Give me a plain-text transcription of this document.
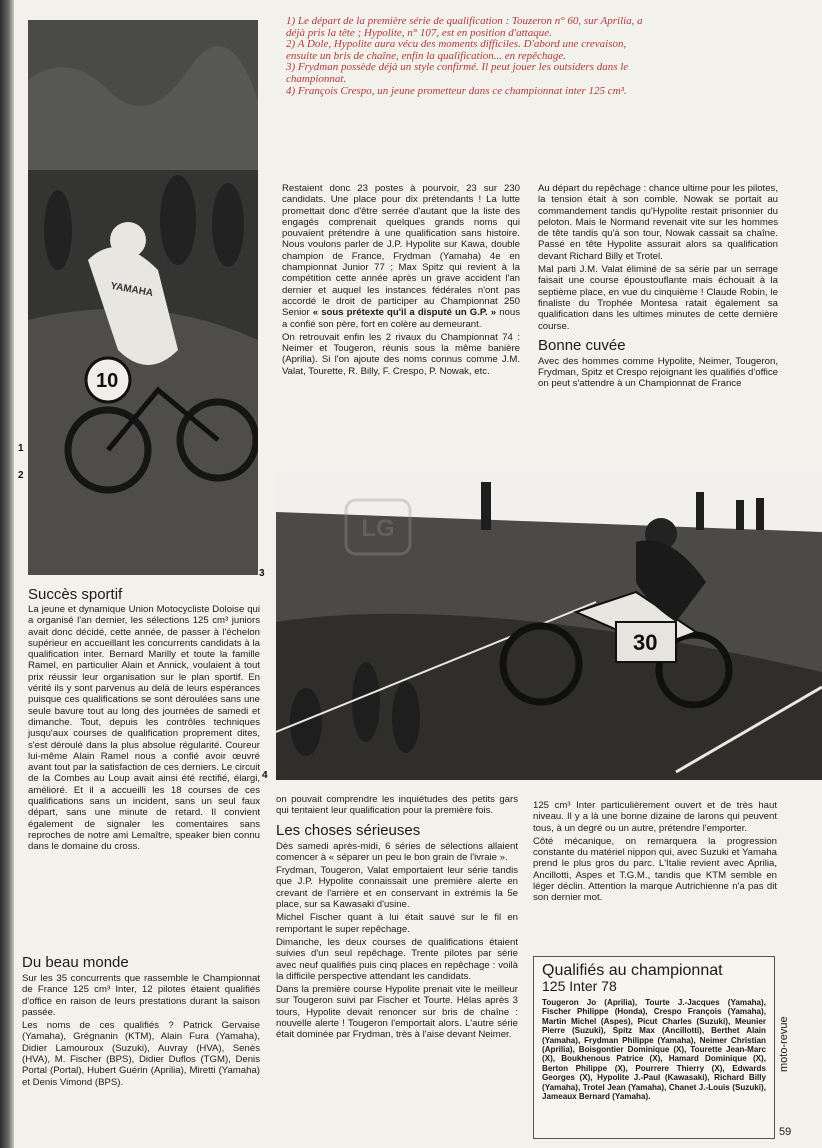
10
YAMAHA
1
2
3
30
4
LG

1) Le départ de la première série de qualification : Touzeron n° 60, sur Aprilia, a déjà pris la tête ; Hypolite, n° 107, est en position d'attaque.

2) A Dole, Hypolite aura vécu des moments difficiles. D'abord une crevaison, ensuite un bris de chaîne, enfin la qualification... en repêchage.

3) Frydman possède déjà un style confirmé. Il peut jouer les outsiders dans le championnat.

4) François Crespo, un jeune prometteur dans ce championnat inter 125 cm³.

Restaient donc 23 postes à pourvoir, 23 sur 230 candidats. Une place pour dix prétendants ! La lutte promettait donc d'être serrée d'autant que la liste des engagés comprenait quelques grands noms qui pouvaient prétendre à une qualification sans histoire. Nous voulons parler de J.P. Hypolite sur Kawa, double champion de France, Frydman (Yamaha) 4e en championnat Junior 77 ; Max Spitz qui revient à la compétition cette année après un grave accident l'an dernier et auquel les instances fédérales n'ont pas accordé le droit de participer au Championnat 250 Senior « sous prétexte qu'il a disputé un G.P. » nous a confié son père, fort en colère au demeurant.

On retrouvait enfin les 2 rivaux du Championnat 74 : Neimer et Tougeron, réunis sous la même banière (Aprilia). Si l'on ajoute des noms connus comme J.M. Valat, Tourette, R. Billy, F. Crespo, P. Nowak, etc.

Au départ du repêchage : chance ultime pour les pilotes, la tension était à son comble. Nowak se portait au commandement tandis qu'Hypolite restait prisonnier du peloton. Mais le Normand revenait vite sur les hommes de tête tandis qu'à son tour, Nowak cassait sa chaîne. Passé en tête Hypolite assurait alors sa qualification devant Richard Billy et Trotel.

Mal parti J.M. Valat éliminé de sa série par un serrage faisait une course époustouflante mais échouait à la septième place, en vue du cinquième ! Claude Robin, le finaliste du Trophée Montesa ratait également sa qualification dans les ultimes minutes de cette dernière course.

Bonne cuvée

Avec des hommes comme Hypolite, Neimer, Tougeron, Frydman, Spitz et Crespo rejoignant les qualifiés d'office on peut s'attendre à un Championnat de France

Succès sportif

La jeune et dynamique Union Motocycliste Doloise qui a organisé l'an dernier, les sélections 125 cm³ juniors avait donc décidé, cette année, de passer à l'échelon supérieur en accueillant les concurrents candidats à la qualification inter. Bernard Marilly et toute la famille Ramel, en particulier Alain et Annick, voulaient à tout prix réussir leur organisation sur le plan sportif. En vérité ils y sont parvenus au delà de leurs espérances puisque ces qualifications se sont déroulées sans une seule bavure tout au long des journées de samedi et dimanche. Tout, depuis les contrôles techniques jusqu'aux courses de qualification proprement dites, s'est déroulé dans la plus absolue régularité. Coureur lui-même Alain Ramel nous a confié avoir œuvré avant tout par la satisfaction de ces derniers. Le circuit de la Combes au Loup avait ainsi été rectifié, élargi, amélioré. Et il a accueilli les 18 courses de ces qualifications sans un incident, sans un seul faux départ, sans une minute de retard. Il convient également de signaler les comentaires sans reproches de notre ami Lemaître, speaker bien connu dans le domaine du cross.

Du beau monde

Sur les 35 concurrents que rassemble le Championnat de France 125 cm³ Inter, 12 pilotes étaient qualifiés d'office en raison de leurs prestations durant la saison passée.

Les noms de ces qualifiés ? Patrick Gervaise (Yamaha), Grégnanin (KTM), Alain Fura (Yamaha), Didier Lamouroux (Suzuki), Auvray (HVA), Senès (HVA), M. Fischer (BPS), Didier Duflos (TGM), Denis Portal (Portal), Hubert Guérin (Aprilia), Miretti (Yamaha) et Denis Vimond (BPS).

on pouvait comprendre les inquiétudes des petits gars qui tentaient leur qualification pour la première fois.

Les choses sérieuses

Dès samedi après-midi, 6 séries de sélections allaient comencer à « séparer un peu le bon grain de l'ivraie ».

Frydman, Tougeron, Valat emportaient leur série tandis que J.P. Hypolite connaissait une première alerte en crevant de l'arrière et en conservant in extrémis la 5e place, sur sa Kawasaki d'usine.

Michel Fischer quant à lui était sauvé sur le fil en remportant le super repêchage.

Dimanche, les deux courses de qualifications étaient suivies d'un seul repêchage. Trente pilotes par série avec neuf qualifiés puis cinq places en repêchage : voilà la difficile perspective attendant les candidats.

Dans la première course Hypolite prenait vite le meilleur sur Tougeron suivi par Fischer et Tourte. Hélas après 3 tours, Hypolite devait renoncer sur bris de chaîne : nouvelle alerte ! Tougeron l'emportait alors. L'autre série était dominée par Frydman, très à l'aise devant Neimer.

125 cm³ Inter particulièrement ouvert et de très haut niveau. Il y a là une bonne dizaine de larons qui peuvent tous, à un degré ou un autre, prétendre l'emporter.

Côté mécanique, on remarquera la progression constante du matériel nippon qui, avec Suzuki et Yamaha prend le plus gros du parc. L'Italie revient avec Aprilia, Ancillotti, Aspes et T.G.M., tandis que KTM semble en léger déclin. Attention la marque Autrichienne n'a pas dit son dernier mot.

Qualifiés au championnat
125 Inter 78
Tougeron Jo (Aprilia), Tourte J.-Jacques (Yamaha), Fischer Philippe (Honda), Crespo François (Yamaha), Martin Michel (Aspes), Picut Charles (Suzuki), Meunier Pierre (Suzuki), Spitz Max (Ancillotti), Berthet Alain (Yamaha), Frydman Philippe (Yamaha), Neimer Christian (Aprilia), Boisgontier Dominique (X), Tourette Jean-Marc (X), Boukhenous Patrice (X), Hamard Dominique (X), Berton Philippe (X), Pourrere Thierry (X), Edwards Georges (X), Hypolite J.-Paul (Kawasaki), Richard Billy (Yamaha), Trotel Jean (Yamaha), Chanet J.-Louis (Suzuki), Jameaux Bernard (Yamaha).
moto-revue
59
